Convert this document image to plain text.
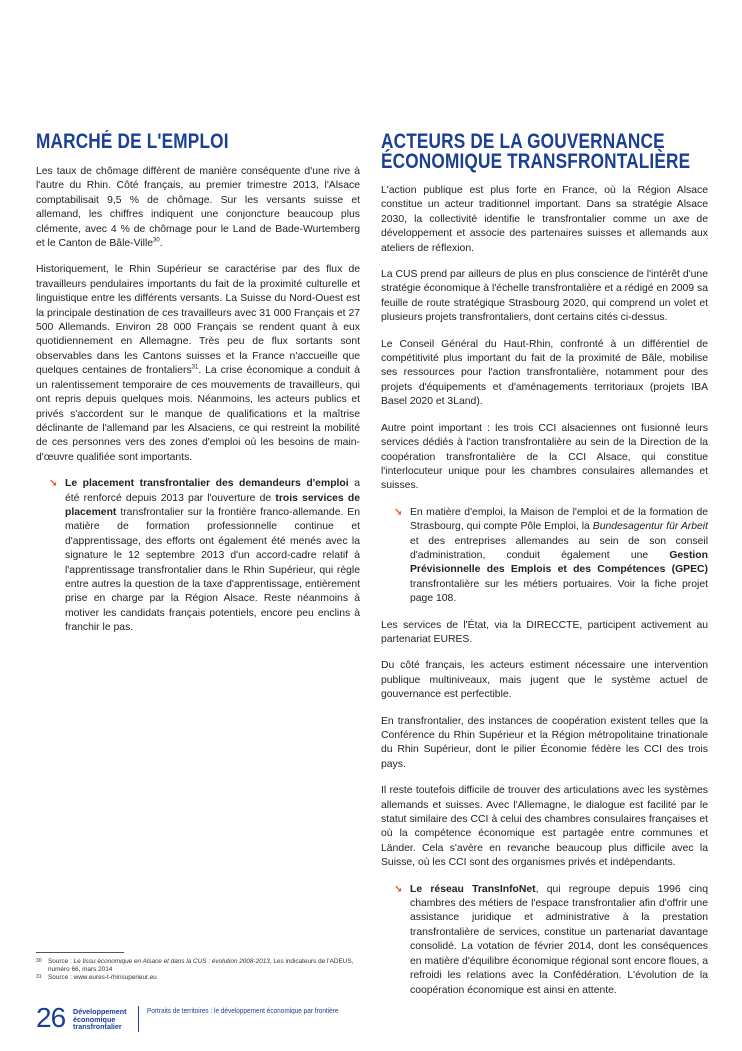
MARCHÉ DE L'EMPLOI

Les taux de chômage diffèrent de manière conséquente d'une rive à l'autre du Rhin. Côté français, au premier trimestre 2013, l'Alsace comptabilisait 9,5 % de chômage. Sur les versants suisse et allemand, les chiffres indiquent une conjoncture beaucoup plus clémente, avec 4 % de chômage pour le Land de Bade-Wurtemberg et le Canton de Bâle-Ville$^{30}$.

Historiquement, le Rhin Supérieur se caractérise par des flux de travailleurs pendulaires importants du fait de la proximité culturelle et linguistique entre les différents versants. La Suisse du Nord-Ouest est la principale destination de ces travailleurs avec 31 000 Français et 27 500 Allemands. Environ 28 000 Français se rendent quant à eux quotidiennement en Allemagne. Très peu de flux sortants sont observables dans les Cantons suisses et la France n'accueille que quelques centaines de frontaliers$^{31}$. La crise économique a conduit à un ralentissement temporaire de ces mouvements de travailleurs, qui ont repris depuis quelques mois. Néanmoins, les acteurs publics et privés s'accordent sur le manque de qualifications et la maîtrise déclinante de l'allemand par les Alsaciens, ce qui restreint la mobilité de ces personnes vers des zones d'emploi où les besoins de main-d'œuvre qualifiée sont importants.

↘ Le placement transfrontalier des demandeurs d'emploi a été renforcé depuis 2013 par l'ouverture de trois services de placement transfrontalier sur la frontière franco-allemande. En matière de formation professionnelle continue et d'apprentissage, des efforts ont également été menés avec la signature le 12 septembre 2013 d'un accord-cadre relatif à l'apprentissage transfrontalier dans le Rhin Supérieur, qui règle entre autres la question de la taxe d'apprentissage, entièrement prise en charge par la Région Alsace. Reste néanmoins à motiver les candidats français potentiels, encore peu enclins à franchir le pas.
ACTEURS DE LA GOUVERNANCE
ÉCONOMIQUE TRANSFRONTALIÈRE

L'action publique est plus forte en France, où la Région Alsace constitue un acteur traditionnel important. Dans sa stratégie Alsace 2030, la collectivité identifie le transfrontalier comme un axe de développement et associe des partenaires suisses et allemands aux ateliers de réflexion.

La CUS prend par ailleurs de plus en plus conscience de l'intérêt d'une stratégie économique à l'échelle transfrontalière et a rédigé en 2009 sa feuille de route stratégique Strasbourg 2020, qui comprend un volet et plusieurs projets transfrontaliers, dont certains cités ci-dessus.

Le Conseil Général du Haut-Rhin, confronté à un différentiel de compétitivité plus important du fait de la proximité de Bâle, mobilise ses ressources pour l'action transfrontalière, notamment pour des projets d'équipements et d'aménagements territoriaux (projets IBA Basel 2020 et 3Land).

Autre point important : les trois CCI alsaciennes ont fusionné leurs services dédiés à l'action transfrontalière au sein de la Direction de la coopération transfrontalière de la CCI Alsace, qui constitue l'interlocuteur unique pour les chambres consulaires allemandes et suisses.

↘ En matière d'emploi, la Maison de l'emploi et de la formation de Strasbourg, qui compte Pôle Emploi, la Bundesagentur für Arbeit et des entreprises allemandes au sein de son conseil d'administration, conduit également une Gestion Prévisionnelle des Emplois et des Compétences (GPEC) transfrontalière sur les métiers portuaires. Voir la fiche projet page 108.

Les services de l'État, via la DIRECCTE, participent activement au partenariat EURES.

Du côté français, les acteurs estiment nécessaire une intervention publique multiniveaux, mais jugent que le système actuel de gouvernance est perfectible.

En transfrontalier, des instances de coopération existent telles que la Conférence du Rhin Supérieur et la Région métropolitaine trinationale du Rhin Supérieur, dont le pilier Économie fédère les CCI des trois pays.

Il reste toutefois difficile de trouver des articulations avec les systèmes allemands et suisses. Avec l'Allemagne, le dialogue est facilité par le statut similaire des CCI à celui des chambres consulaires françaises et où la compétence économique est partagée entre communes et Länder. Cela s'avère en revanche beaucoup plus difficile avec la Suisse, où les CCI sont des organismes privés et indépendants.

↘ Le réseau TransInfoNet, qui regroupe depuis 1996 cinq chambres des métiers de l'espace transfrontalier afin d'offrir une assistance juridique et administrative à la prestation transfrontalière de services, constitue un partenariat davantage consolidé. La votation de février 2014, dont les conséquences en matière d'équilibre économique régional sont encore floues, a refroidi les relations avec la Confédération. L'évolution de la coopération économique est ainsi en attente.
30 Source : Le tissu économique en Alsace et dans la CUS : évolution 2008-2013, Les indicateurs de l'ADEUS, numéro 66, mars 2014
31 Source : www.eures-t-rhinsuperieur.eu
26 Développement
économique
transfrontalier
Portraits de territoires : le développement économique par frontière
